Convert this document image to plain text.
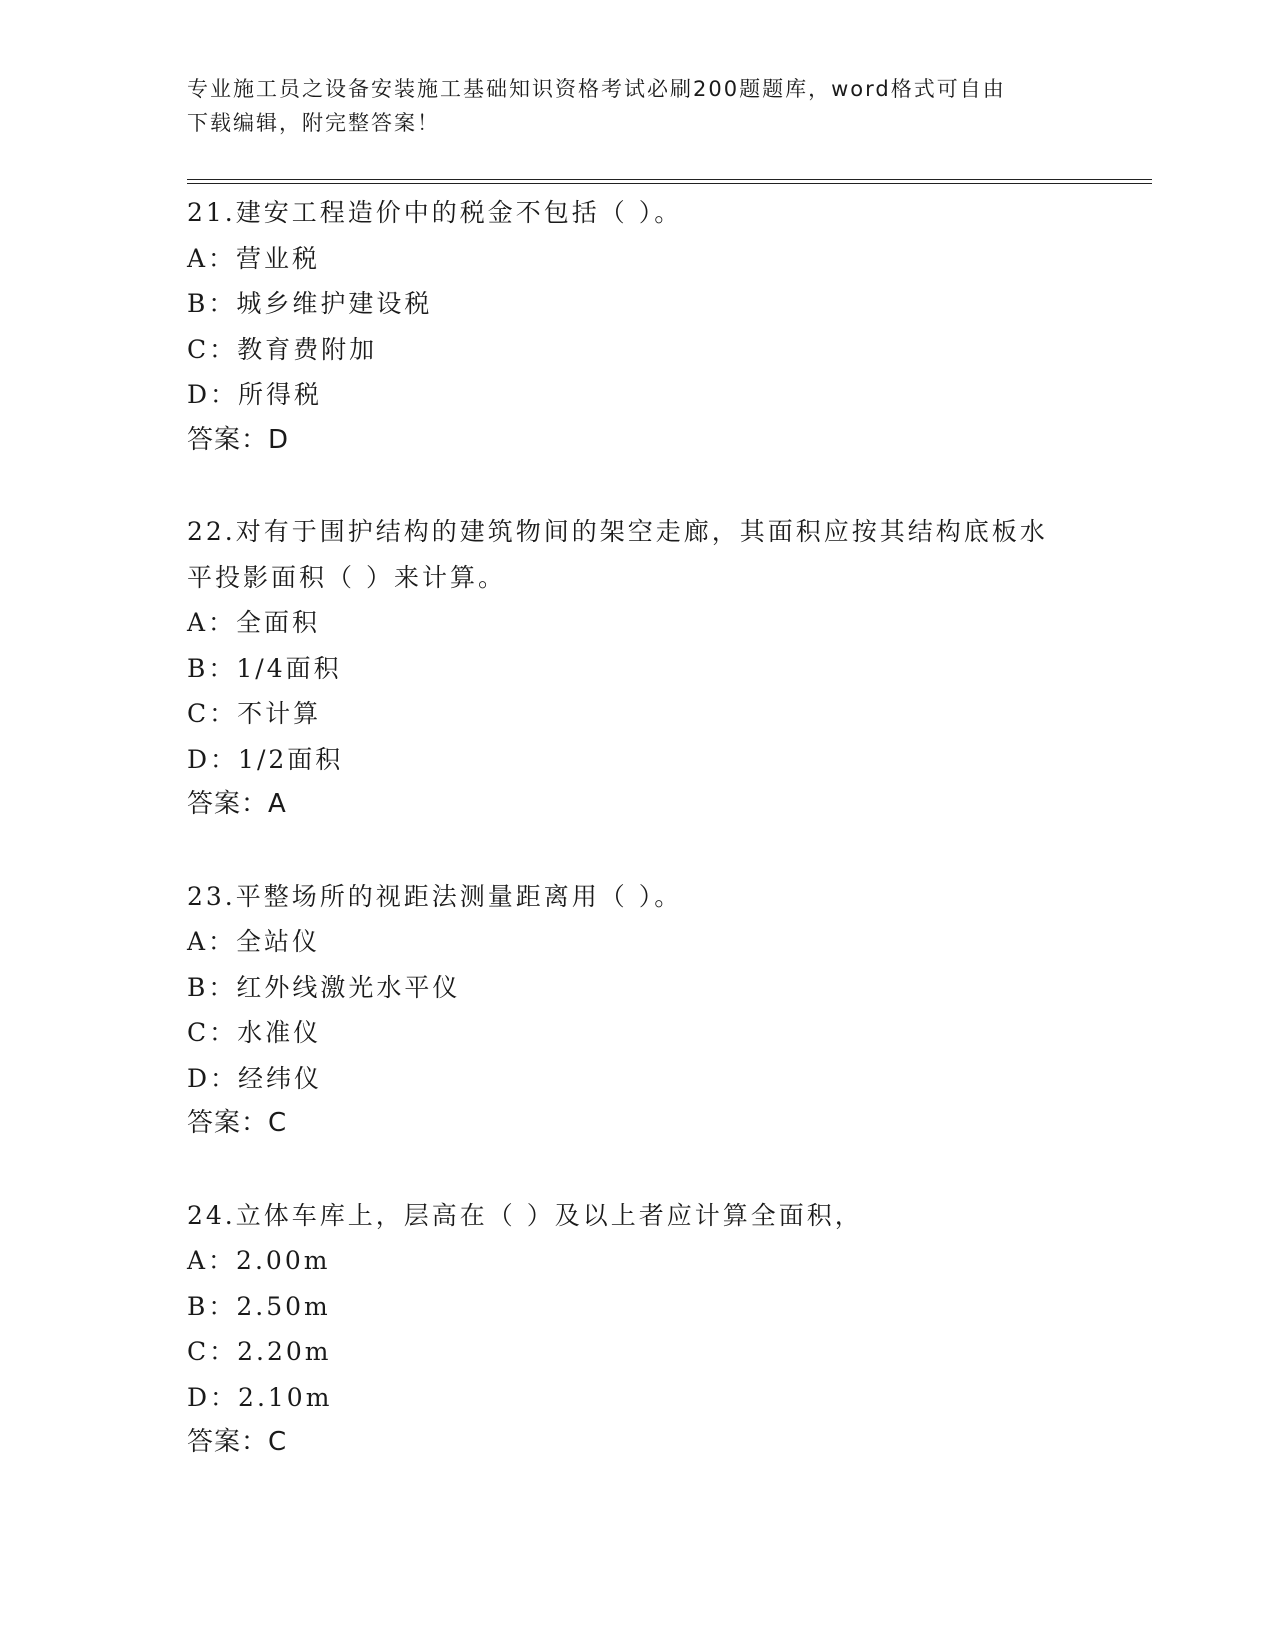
专业施工员之设备安装施工基础知识资格考试必刷200题题库，word格式可自由
下载编辑，附完整答案！
21.建安工程造价中的税金不包括（ ）。
A：营业税
B：城乡维护建设税
C：教育费附加
D：所得税
答案：D
22.对有于围护结构的建筑物间的架空走廊，其面积应按其结构底板水
平投影面积（ ）来计算。
A：全面积
B：1/4面积
C：不计算
D：1/2面积
答案：A
23.平整场所的视距法测量距离用（ ）。
A：全站仪
B：红外线激光水平仪
C：水准仪
D：经纬仪
答案：C
24.立体车库上，层高在（ ）及以上者应计算全面积，
A：2.00m
B：2.50m
C：2.20m
D：2.10m
答案：C
